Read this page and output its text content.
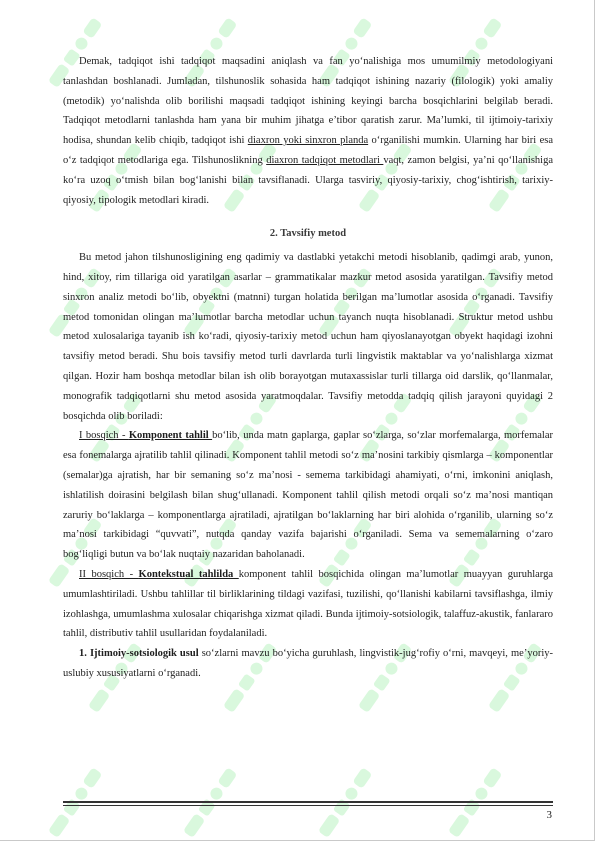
Demak, tadqiqot ishi tadqiqot maqsadini aniqlash va fan yo‘nalishiga mos umumilmiy metodologiyani tanlashdan boshlanadi. Jumladan, tilshunoslik sohasida ham tadqiqot ishining nazariy (filologik) yoki amaliy (metodik) yo‘nalishda olib borilishi maqsadi tadqiqot ishining keyingi barcha bosqichlarini belgilab beradi. Tadqiqot metodlarni tanlashda ham yana bir muhim jihatga e’tibor qaratish zarur. Ma’lumki, til ijtimoiy-tarixiy hodisa, shundan kelib chiqib, tadqiqot ishi diaxron yoki sinxron planda o‘rganilishi mumkin. Ularning har biri esa o‘z tadqiqot metodlariga ega. Tilshunoslikning diaxron tadqiqot metodlari vaqt, zamon belgisi, ya’ni qo‘llanishiga ko‘ra uzoq o‘tmish bilan bog‘lanishi bilan tavsiflanadi. Ularga tasviriy, qiyosiy-tarixiy, chog‘ishtirish, tarixiy-qiyosiy, tipologik metodlari kiradi.

2. Tavsifiy metod

Bu metod jahon tilshunosligining eng qadimiy va dastlabki yetakchi metodi hisoblanib, qadimgi arab, yunon, hind, xitoy, rim tillariga oid yaratilgan asarlar – grammatikalar mazkur metod asosida yaratilgan. Tavsifiy metod sinxron analiz metodi bo‘lib, obyektni (matnni) turgan holatida berilgan ma’lumotlar asosida o‘rganadi. Tavsifiy metod tomonidan olingan ma’lumotlar barcha metodlar uchun tayanch nuqta hisoblanadi. Struktur metod ushbu metod xulosalariga tayanib ish ko‘radi, qiyosiy-tarixiy metod uchun ham qiyoslanayotgan obyekt haqidagi izohni tavsifiy metod beradi. Shu bois tavsifiy metod turli davrlarda turli lingvistik maktablar va yo‘nalishlarga xizmat qilgan. Hozir ham boshqa metodlar bilan ish olib borayotgan mutaxassislar turli tillarga oid darslik, qo‘llanmalar, monografik tadqiqotlarni shu metod asosida yaratmoqdalar. Tavsifiy metodda tadqiq qilish jarayoni quyidagi 2 bosqichda olib boriladi:

I bosqich - Komponent tahlil bo‘lib, unda matn gaplarga, gaplar so‘zlarga, so‘zlar morfemalarga, morfemalar esa fonemalarga ajratilib tahlil qilinadi. Komponent tahlil metodi so‘z ma’nosini tarkibiy qismlarga – komponentlar (semalar)ga ajratish, har bir semaning so‘z ma’nosi - semema tarkibidagi ahamiyati, o‘rni, imkonini aniqlash, ishlatilish doirasini belgilash bilan shug‘ullanadi. Komponent tahlil qilish metodi orqali so‘z ma’nosi mantiqan zaruriy bo‘laklarga – komponentlarga ajratiladi, ajratilgan bo‘laklarning har biri alohida o‘rganilib, ularning so‘z ma’nosi tarkibidagi “quvvati”, nutqda qanday vazifa bajarishi o‘rganiladi. Sema va sememalarning o‘zaro bog‘liqligi butun va bo‘lak nuqtaiy nazaridan baholanadi.

II bosqich - Kontekstual tahlilda komponent tahlil bosqichida olingan ma’lumotlar muayyan guruhlarga umumlashtiriladi. Ushbu tahlillar til birliklarining tildagi vazifasi, tuzilishi, qo‘llanishi kabilarni tavsiflashga, ilmiy izohlashga, umumlashma xulosalar chiqarishga xizmat qiladi. Bunda ijtimoiy-sotsiologik, talaffuz-akustik, fanlararo tahlil, distributiv tahlil usullaridan foydalaniladi.

1. Ijtimoiy-sotsiologik usul so‘zlarni mavzu bo‘yicha guruhlash, lingvistik-jug‘rofiy o‘rni, mavqeyi, me’yoriy-uslubiy xususiyatlarni o‘rganadi.

3
